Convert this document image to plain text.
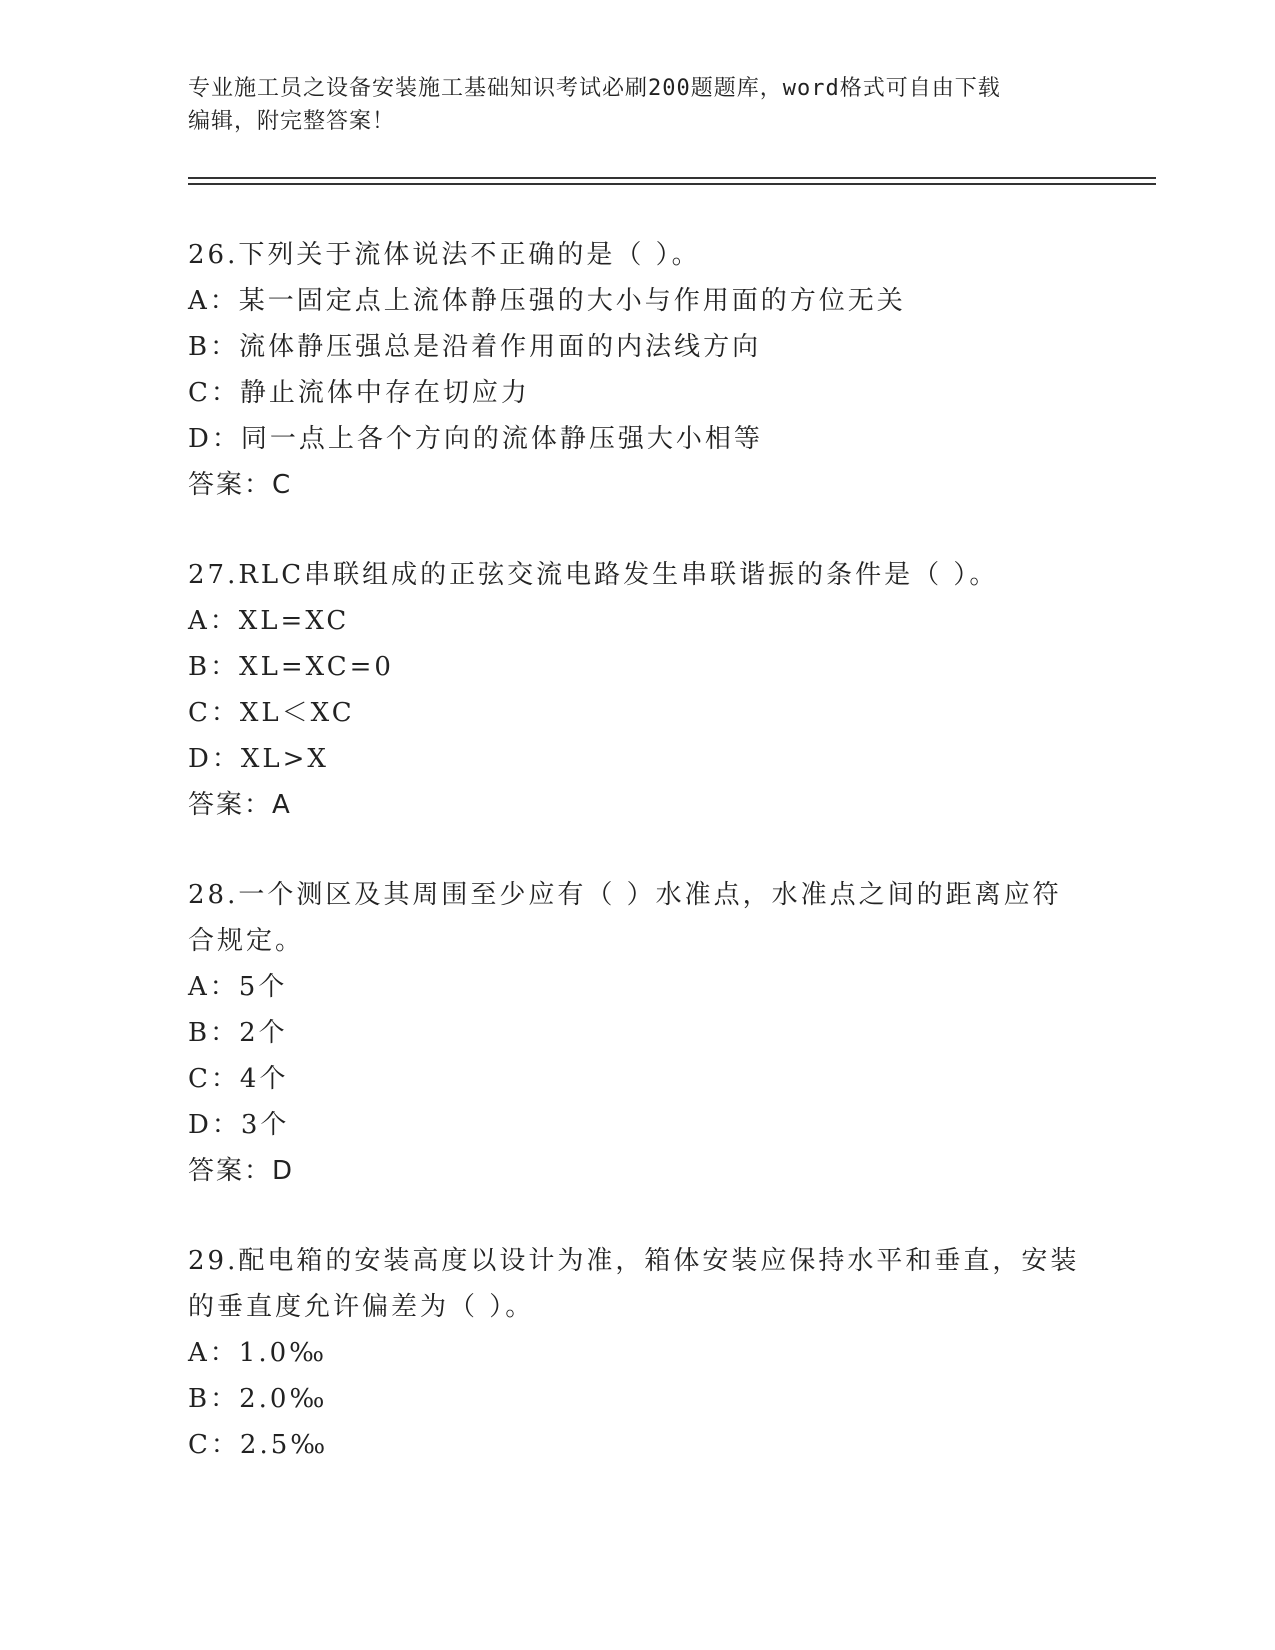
专业施工员之设备安装施工基础知识考试必刷200题题库，word格式可自由下载
编辑，附完整答案！
26.下列关于流体说法不正确的是（ ）。
A：某一固定点上流体静压强的大小与作用面的方位无关
B：流体静压强总是沿着作用面的内法线方向
C：静止流体中存在切应力
D：同一点上各个方向的流体静压强大小相等
答案：C
27.RLC串联组成的正弦交流电路发生串联谐振的条件是（ ）。
A：XL=XC
B：XL=XC=0
C：XL＜XC
D：XL>X
答案：A
28.一个测区及其周围至少应有（ ）水准点，水准点之间的距离应符
合规定。
A：5个
B：2个
C：4个
D：3个
答案：D
29.配电箱的安装高度以设计为准，箱体安装应保持水平和垂直，安装
的垂直度允许偏差为（ ）。
A：1.0‰
B：2.0‰
C：2.5‰
